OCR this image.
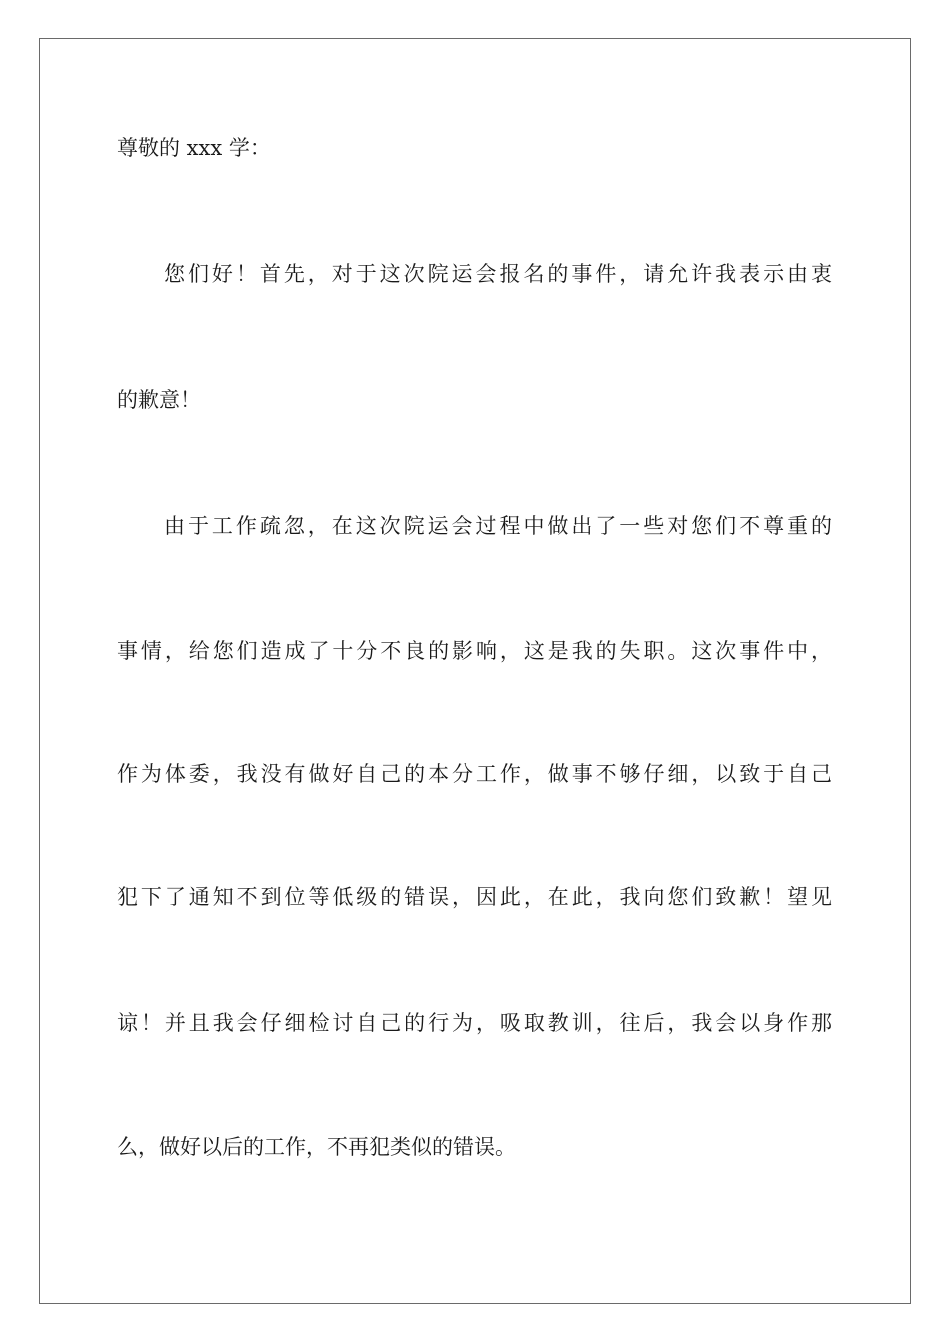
尊敬的 xxx 学：
您们好！首先，对于这次院运会报名的事件，请允许我表示由衷
的歉意！
由于工作疏忽，在这次院运会过程中做出了一些对您们不尊重的
事情，给您们造成了十分不良的影响，这是我的失职。这次事件中，
作为体委，我没有做好自己的本分工作，做事不够仔细，以致于自己
犯下了通知不到位等低级的错误，因此，在此，我向您们致歉！望见
谅！并且我会仔细检讨自己的行为，吸取教训，往后，我会以身作那
么，做好以后的工作，不再犯类似的错误。
